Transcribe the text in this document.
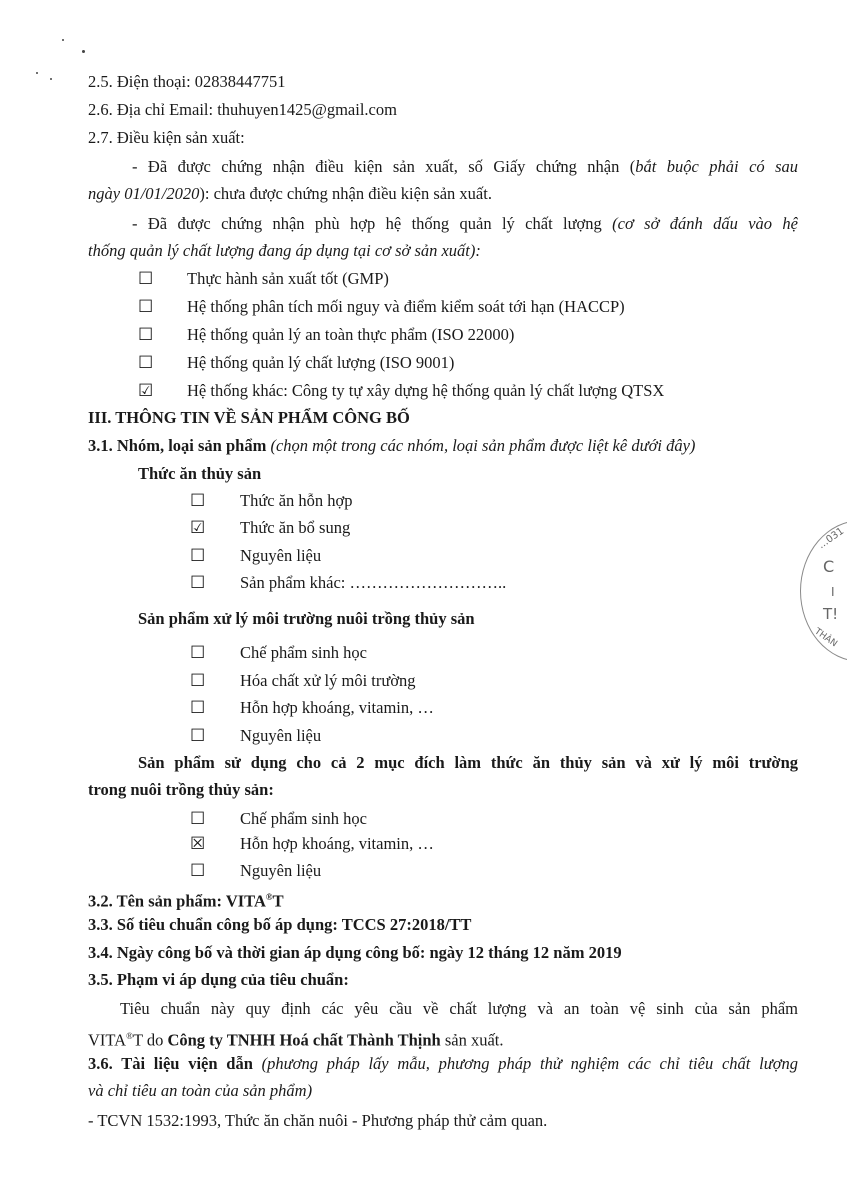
2.5. Điện thoại: 02838447751
2.6. Địa chỉ Email: thuhuyen1425@gmail.com
2.7. Điều kiện sản xuất:
- Đã được chứng nhận điều kiện sản xuất, số Giấy chứng nhận (bắt buộc phải có sau
ngày 01/01/2020): chưa được chứng nhận điều kiện sản xuất.
- Đã được chứng nhận phù hợp hệ thống quản lý chất lượng (cơ sở đánh dấu vào hệ
thống quản lý chất lượng đang áp dụng tại cơ sở sản xuất):
☐ Thực hành sản xuất tốt (GMP)
☐ Hệ thống phân tích mối nguy và điểm kiểm soát tới hạn (HACCP)
☐ Hệ thống quản lý an toàn thực phẩm (ISO 22000)
☐ Hệ thống quản lý chất lượng (ISO 9001)
☑ Hệ thống khác: Công ty tự xây dựng hệ thống quản lý chất lượng QTSX
III. THÔNG TIN VỀ SẢN PHẨM CÔNG BỐ
3.1. Nhóm, loại sản phẩm (chọn một trong các nhóm, loại sản phẩm được liệt kê dưới đây)
Thức ăn thủy sản
☐ Thức ăn hỗn hợp
☑ Thức ăn bổ sung
☐ Nguyên liệu
☐ Sản phẩm khác: ………………………..
Sản phẩm xử lý môi trường nuôi trồng thủy sản
☐ Chế phẩm sinh học
☐ Hóa chất xử lý môi trường
☐ Hỗn hợp khoáng, vitamin, …
☐ Nguyên liệu
Sản phẩm sử dụng cho cả 2 mục đích làm thức ăn thủy sản và xử lý môi trường
trong nuôi trồng thủy sản:
☐ Chế phẩm sinh học
☒ Hỗn hợp khoáng, vitamin, …
☐ Nguyên liệu
3.2. Tên sản phẩm: VITA®T
3.3. Số tiêu chuẩn công bố áp dụng: TCCS 27:2018/TT
3.4. Ngày công bố và thời gian áp dụng công bố: ngày 12 tháng 12 năm 2019
3.5. Phạm vi áp dụng của tiêu chuẩn:
Tiêu chuẩn này quy định các yêu cầu về chất lượng và an toàn vệ sinh của sản phẩm
VITA®T do Công ty TNHH Hoá chất Thành Thịnh sản xuất.
3.6. Tài liệu viện dẫn (phương pháp lấy mẫu, phương pháp thử nghiệm các chỉ tiêu chất lượng
và chỉ tiêu an toàn của sản phẩm)
- TCVN 1532:1993, Thức ăn chăn nuôi - Phương pháp thử cảm quan.
...031
C
I
T!
THÀN
